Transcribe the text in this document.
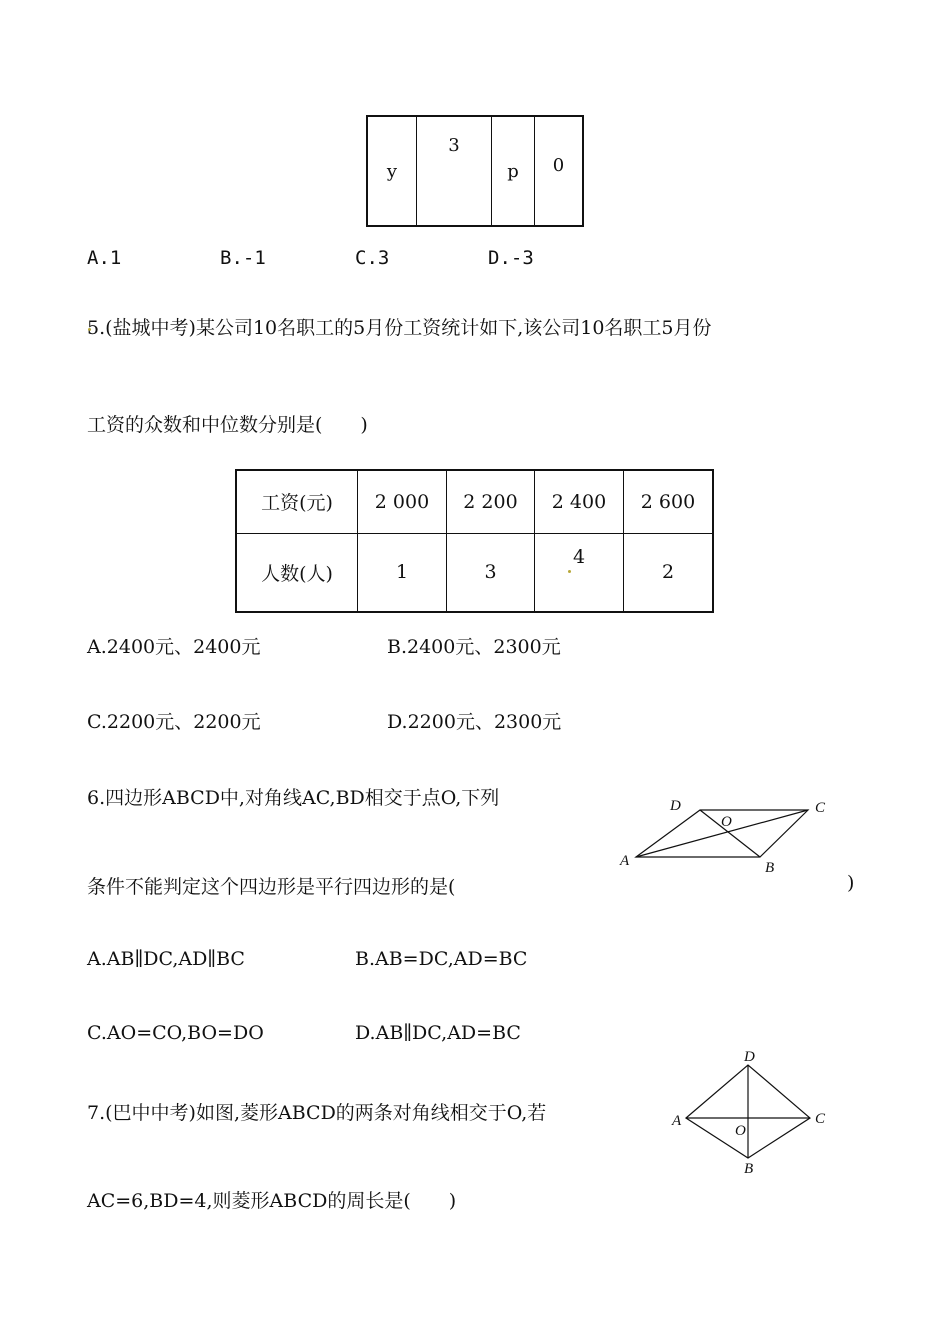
y	3	p	0
A.1	B.-1	C.3	D.-3
5.(盐城中考)某公司10名职工的5月份工资统计如下,该公司10名职工5月份
工资的众数和中位数分别是(　　)
工资(元)	2 000	2 200	2 400	2 600
人数(人)	1	3	4	2
A.2400元、2400元	B.2400元、2300元
C.2200元、2200元	D.2200元、2300元
6.四边形ABCD中,对角线AC,BD相交于点O,下列
条件不能判定这个四边形是平行四边形的是(	)
A	B
C
D
O
A.AB∥DC,AD∥BC	B.AB=DC,AD=BC
C.AO=CO,BO=DO	D.AB∥DC,AD=BC
7.(巴中中考)如图,菱形ABCD的两条对角线相交于O,若
AC=6,BD=4,则菱形ABCD的周长是(　　)
A
B
C
D
O
